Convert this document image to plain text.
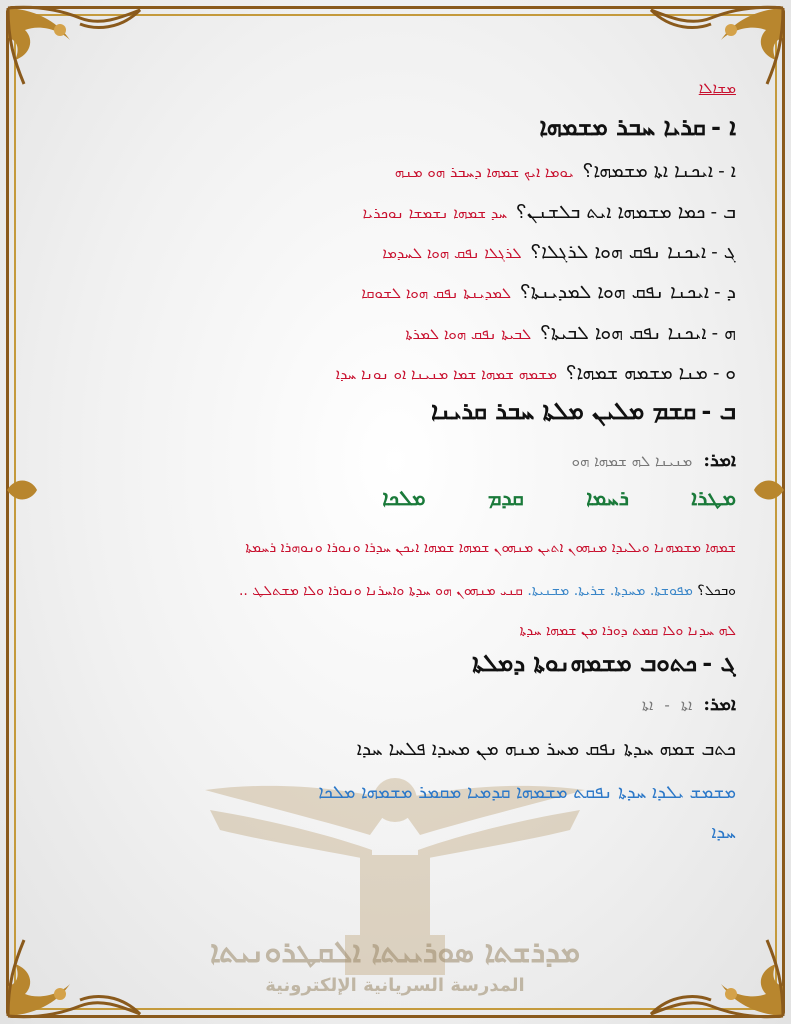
ܡܕܪܫܬܐ ܣܘܪܝܝܬܐ ܐܠܩܛܪܘܢܝܬܐ
المدرسة السريانية الإلكترونية
ܡܫܐܠܐ
ܐ - ܩܪܝܐ ܚܒܪ ܡܫܡܗܐ
ܐ - ܐܝܟܢܐ ܐܬܐ ܡܫܡܗܐ؟ ܝܘܡܐ ܐܝܟ ܫܡܗܐ ܕܚܒܪ ܗܘ ܡܢܗ
ܒ - ܟܡܐ ܡܫܡܗܐ ܐܝܬ ܒܠܫܢܢ؟ ܚܕ ܫܡܗܐ ܢܫܡܫܐ ܢܘܟܪܝܐ
ܓ - ܐܝܟܢܐ ܢܦܩ ܗܘܐ ܠܪܓܠܐ؟ ܠܪܓܠܐ ܢܦܩ ܗܘܐ ܠܚܕܡܐ
ܕ - ܐܝܟܢܐ ܢܦܩ ܗܘܐ ܠܡܕܝܢܬܐ؟ ܠܡܕܝܢܬܐ ܢܦܩ ܗܘܐ ܠܫܘܩܐ
ܗ - ܐܝܟܢܐ ܢܦܩ ܗܘܐ ܠܒܝܬܐ؟ ܠܒܝܬܐ ܢܦܩ ܗܘܐ ܠܡܪܬܐ
ܘ - ܡܢܐ ܡܫܡܗ ܫܡܗܐ؟ ܡܫܡܗ ܫܡܗܐ ܫܡܐ ܡܢܝܢܐ ܐܘ ܢܘܢܐ ܚܕܐ
ܒ - ܩܫܡ ܡܠܝܢ ܡܠܬܐ ܚܒܪ ܩܪܝܢܐ
ܐܡܪ: ܡܢܝܢܐ ܠܗ ܫܡܗܐ ܗܘ
ܡܛܪܐ ܪܚܡܐ ܩܕܡ ܡܠܟܐ
ܫܡܗܐ ܡܫܡܗܢܐ ܘܝܠܝܕܐ ܡܢܗܘܢ ܐܬܝܢ ܡܢܗܘܢ ܫܡܗܐ ܫܡܗܐ ܐܝܟܢ ܚܕܪܐ ܘܢܘܪܐ ܘܢܘܗܪܐ ܪܚܡܬܐ
ܘܒܟܠ؟ ܡܦܘܫܬܐ. ܡܚܕܬܐ. ܫܪܝܬܐ. ܡܫܢܝܬܐ. ܩܢܝ ܡܢܗܘܢ ܗܘ ܚܕܬܐ ܘܐܚܪܢܐ ܘܢܘܪܐ ܘܠܐ ܡܫܬܠܛ ..
ܠܗ ܚܕܢܐ ܘܠܐ ܩܡܬ ܕܘܪܐ ܡܢ ܫܡܗܐ ܚܕܬܐ
ܓ - ܟܬܘܒ ܡܫܡܗܢܘܬܐ ܕܡܠܬܐ
ܐܡܪ: ܐܬܐ - ܐܬܐ
ܟܬܒ ܫܡܗ ܚܕܬܐ ܢܦܩ ܡܚܪ ܡܢܗ ܡܢ ܡܚܕܐ ܦܠܚܐ ܚܕܐ
ܡܫܡܫ ܝܠܕܐ ܚܕܬܐ ܢܦܩܬ ܡܫܡܗܐ ܩܕܡܝܐ ܡܩܡܪ ܡܫܡܗܐ ܡܠܟܐ
ܚܕܐ
